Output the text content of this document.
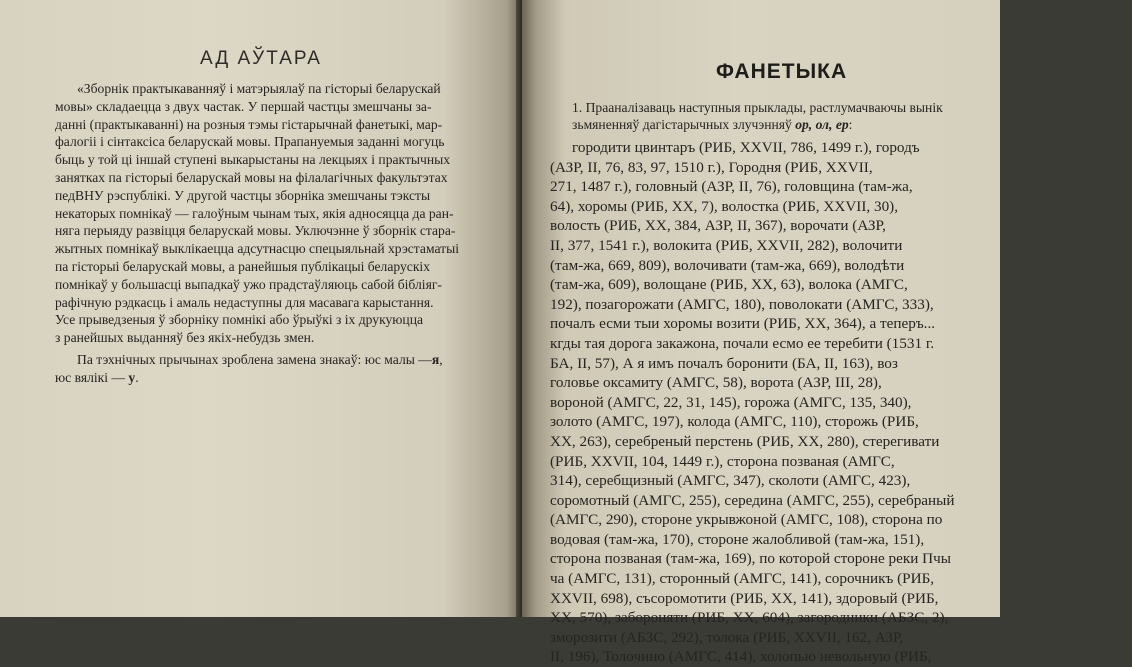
АД АЎТАРА

«Зборнік практыкаванняў і матэрыялаў па гісторыі беларускай
мовы» складаецца з двух частак. У першай частцы змешчаны за-
данні (практыкаванні) на розныя тэмы гістарычнай фанетыкі, мар-
фалогіі і сінтаксіса беларускай мовы. Прапануемыя заданні могуць
быць у той ці іншай ступені выкарыстаны на лекцыях і практычных
занятках па гісторыі беларускай мовы на філалагічных факультэтах
педВНУ рэспублікі. У другой частцы зборніка змешчаны тэксты
некаторых помнікаў — галоўным чынам тых, якія адносяцца да ран-
няга перыяду развіцця беларускай мовы. Уключэнне ў зборнік стара-
жытных помнікаў выклікаецца адсутнасцю спецыяльнай хрэстаматыі
па гісторыі беларускай мовы, а ранейшыя публікацыі беларускіх
помнікаў у большасці выпадкаў ужо прадстаўляюць сабой бібліяг-
рафічную рэдкасць і амаль недаступны для масавага карыстання.
Усе прыведзеныя ў зборніку помнікі або ўрыўкі з іх друкуюцца
з ранейшых выданняў без якіх-небудзь змен.

Па тэхнічных прычынах зроблена замена знакаў: юс малы —я,
юс вялікі — у.

ФАНЕТЫКА
1. Прааналізаваць наступныя прыклады, растлумачваючы вынік
зьмяненняў дагістарычных злучэнняў ор, ол, ер:
городити цвинтаръ (РИБ, XXVII, 786, 1499 г.), городъ
(АЗР, II, 76, 83, 97, 1510 г.), Городня (РИБ, XXVII,
271, 1487 г.), головный (АЗР, II, 76), головщина (там-жа,
64), хоромы (РИБ, XX, 7), волостка (РИБ, XXVII, 30),
волость (РИБ, XX, 384, АЗР, II, 367), ворочати (АЗР,
II, 377, 1541 г.), волокита (РИБ, XXVII, 282), волочити
(там-жа, 669, 809), волочивати (там-жа, 669), володѣти
(там-жа, 609), волощане (РИБ, XX, 63), волока (АМГС,
192), позагорожати (АМГС, 180), поволокати (АМГС, 333),
почалъ есми тыи хоромы возити (РИБ, XX, 364), а теперъ...
кгды тая дорога закажона, почали есмо ее теребити (1531 г.
БА, II, 57), А я имъ почалъ боронити (БА, II, 163), воз
головье оксамиту (АМГС, 58), ворота (АЗР, III, 28),
вороной (АМГС, 22, 31, 145), горожа (АМГС, 135, 340),
золото (АМГС, 197), колода (АМГС, 110), сторожь (РИБ,
XX, 263), серебреный перстень (РИБ, XX, 280), стерегивати
(РИБ, XXVII, 104, 1449 г.), сторона позваная (АМГС,
314), серебщизный (АМГС, 347), сколоти (АМГС, 423),
соромотный (АМГС, 255), середина (АМГС, 255), серебраный
(АМГС, 290), стороне укрывжоной (АМГС, 108), сторона по
водовая (там-жа, 170), стороне жалобливой (там-жа, 151),
сторона позваная (там-жа, 169), по которой стороне реки Пчы
ча (АМГС, 131), сторонный (АМГС, 141), сорочникъ (РИБ,
XXVII, 698), съсоромотити (РИБ, XX, 141), здоровый (РИБ,
XX, 570), забороняти (РИБ, XX, 604), загородники (АБЗС, 2),
зморозити (АБЗС, 292), толока (РИБ, XXVII, 162, АЗР,
II, 196), Толочино (АМГС, 414), холопью невольную (РИБ,
